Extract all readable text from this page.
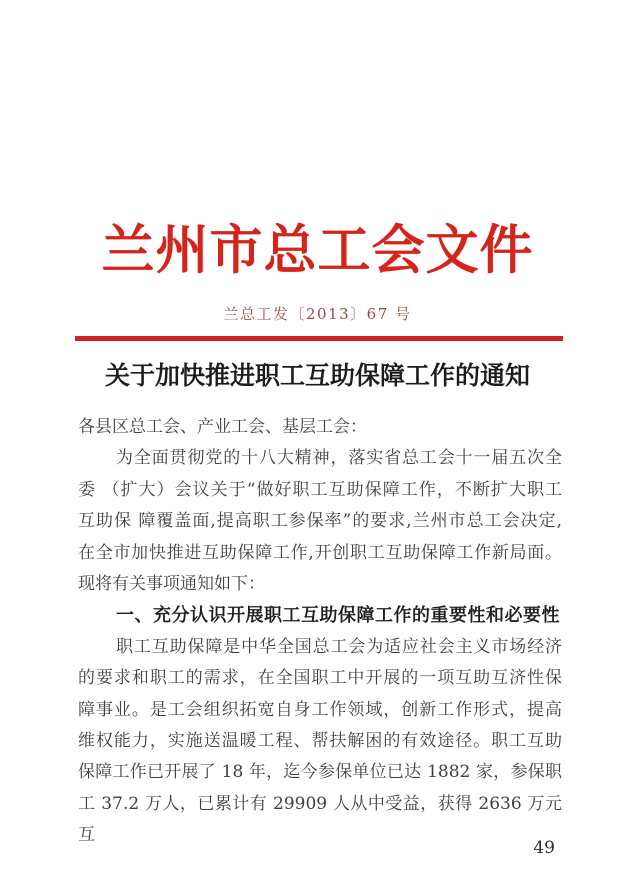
兰州市总工会文件
兰总工发〔2013〕67 号
关于加快推进职工互助保障工作的通知
各县区总工会、产业工会、基层工会：
为全面贯彻党的十八大精神，落实省总工会十一届五次全
委 （扩大）会议关于“做好职工互助保障工作，不断扩大职工
互助保 障覆盖面,提高职工参保率”的要求,兰州市总工会决定,
在全市加快推进互助保障工作,开创职工互助保障工作新局面。
现将有关事项通知如下：
一、充分认识开展职工互助保障工作的重要性和必要性
职工互助保障是中华全国总工会为适应社会主义市场经济
的要求和职工的需求，在全国职工中开展的一项互助互济性保
障事业。是工会组织拓宽自身工作领域，创新工作形式，提高
维权能力，实施送温暖工程、帮扶解困的有效途径。职工互助
保障工作已开展了 18 年，迄今参保单位已达 1882 家，参保职
工 37.2 万人，已累计有 29909 人从中受益，获得 2636 万元互
49
